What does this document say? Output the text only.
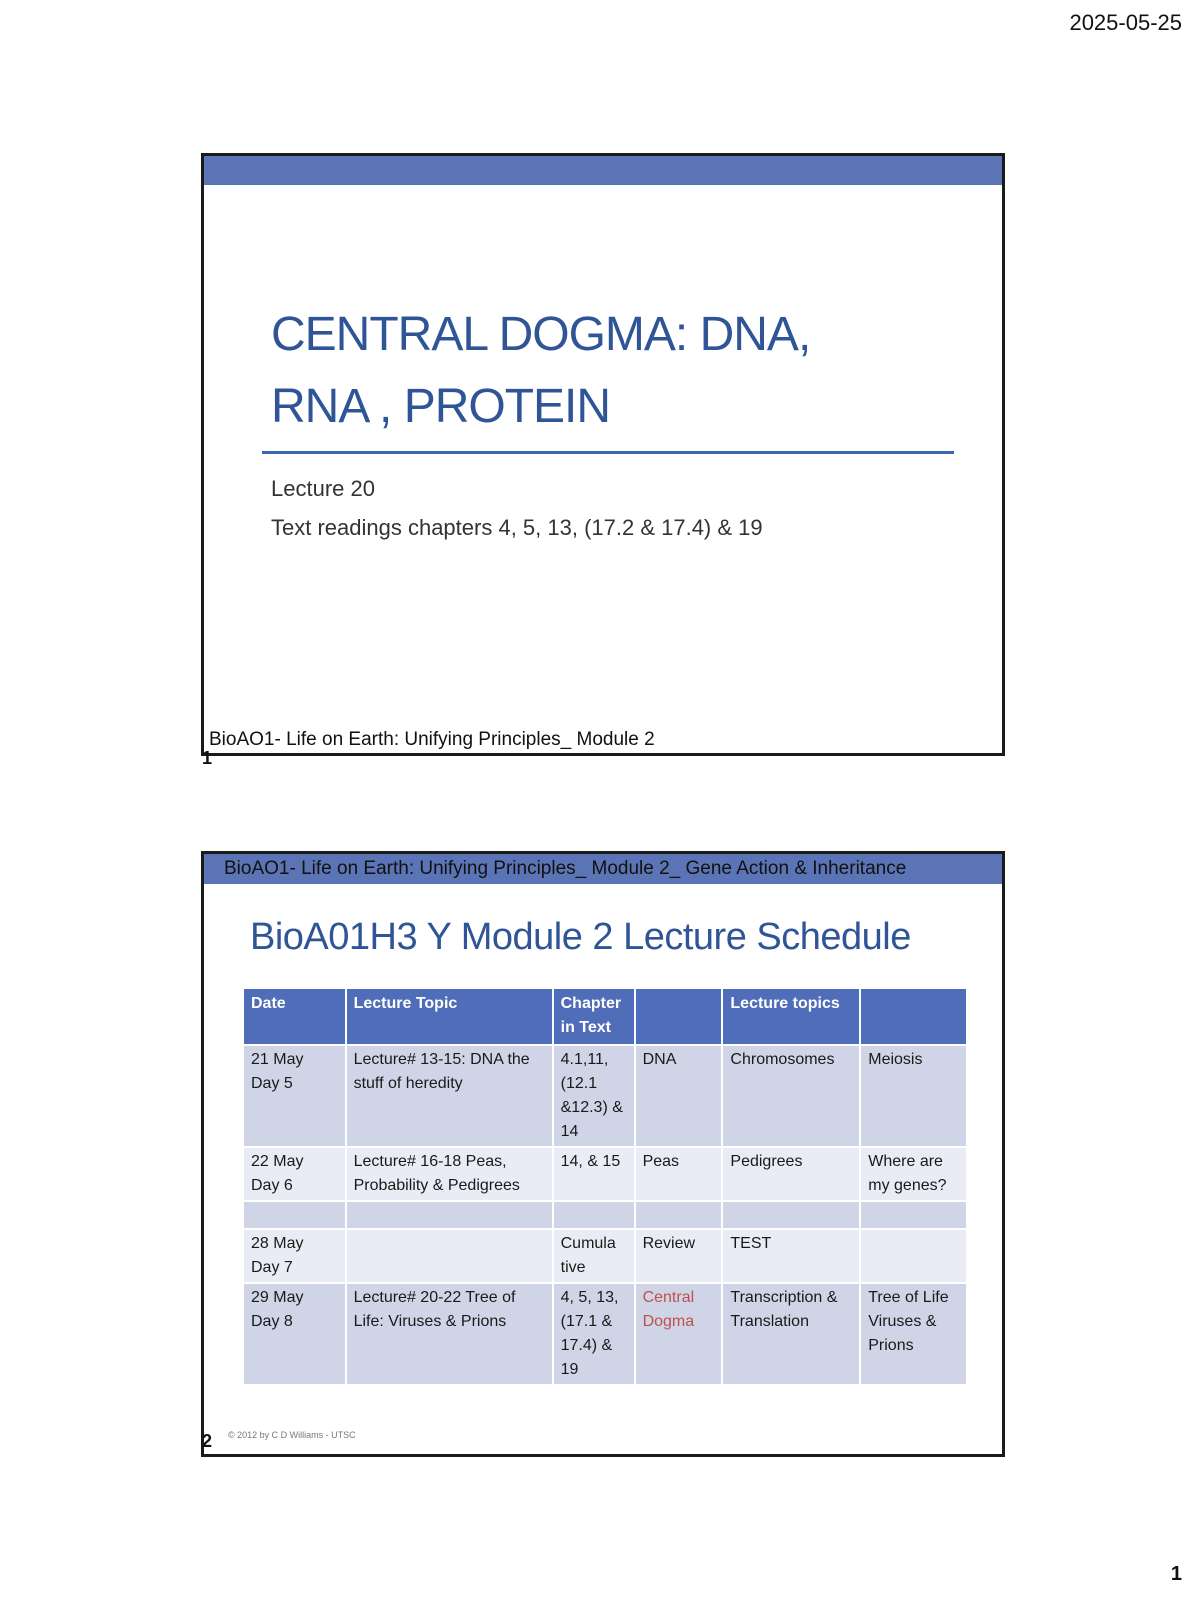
2025-05-25
CENTRAL DOGMA: DNA,
RNA , PROTEIN
Lecture 20
Text readings chapters 4, 5, 13, (17.2 & 17.4) & 19
BioAO1- Life on Earth: Unifying Principles_ Module 2
1
BioAO1- Life on Earth: Unifying Principles_ Module 2_ Gene Action & Inheritance
BioA01H3 Y Module 2 Lecture Schedule
Date	Lecture Topic	Chapter in Text		Lecture topics	

21 May
Day 5	Lecture# 13-15: DNA the stuff of heredity	4.1,11, (12.1 &12.3) & 14	DNA	Chromosomes	Meiosis

22 May
Day 6	Lecture# 16-18 Peas, Probability & Pedigrees	14, & 15	Peas	Pedigrees	Where are my genes?

28 May
Day 7		Cumula tive	Review	TEST	

29 May
Day 8	Lecture# 20-22 Tree of Life: Viruses & Prions	4, 5, 13, (17.1 & 17.4) & 19	Central Dogma	Transcription & Translation	Tree of Life Viruses & Prions
© 2012 by C D Williams - UTSC
2
1
